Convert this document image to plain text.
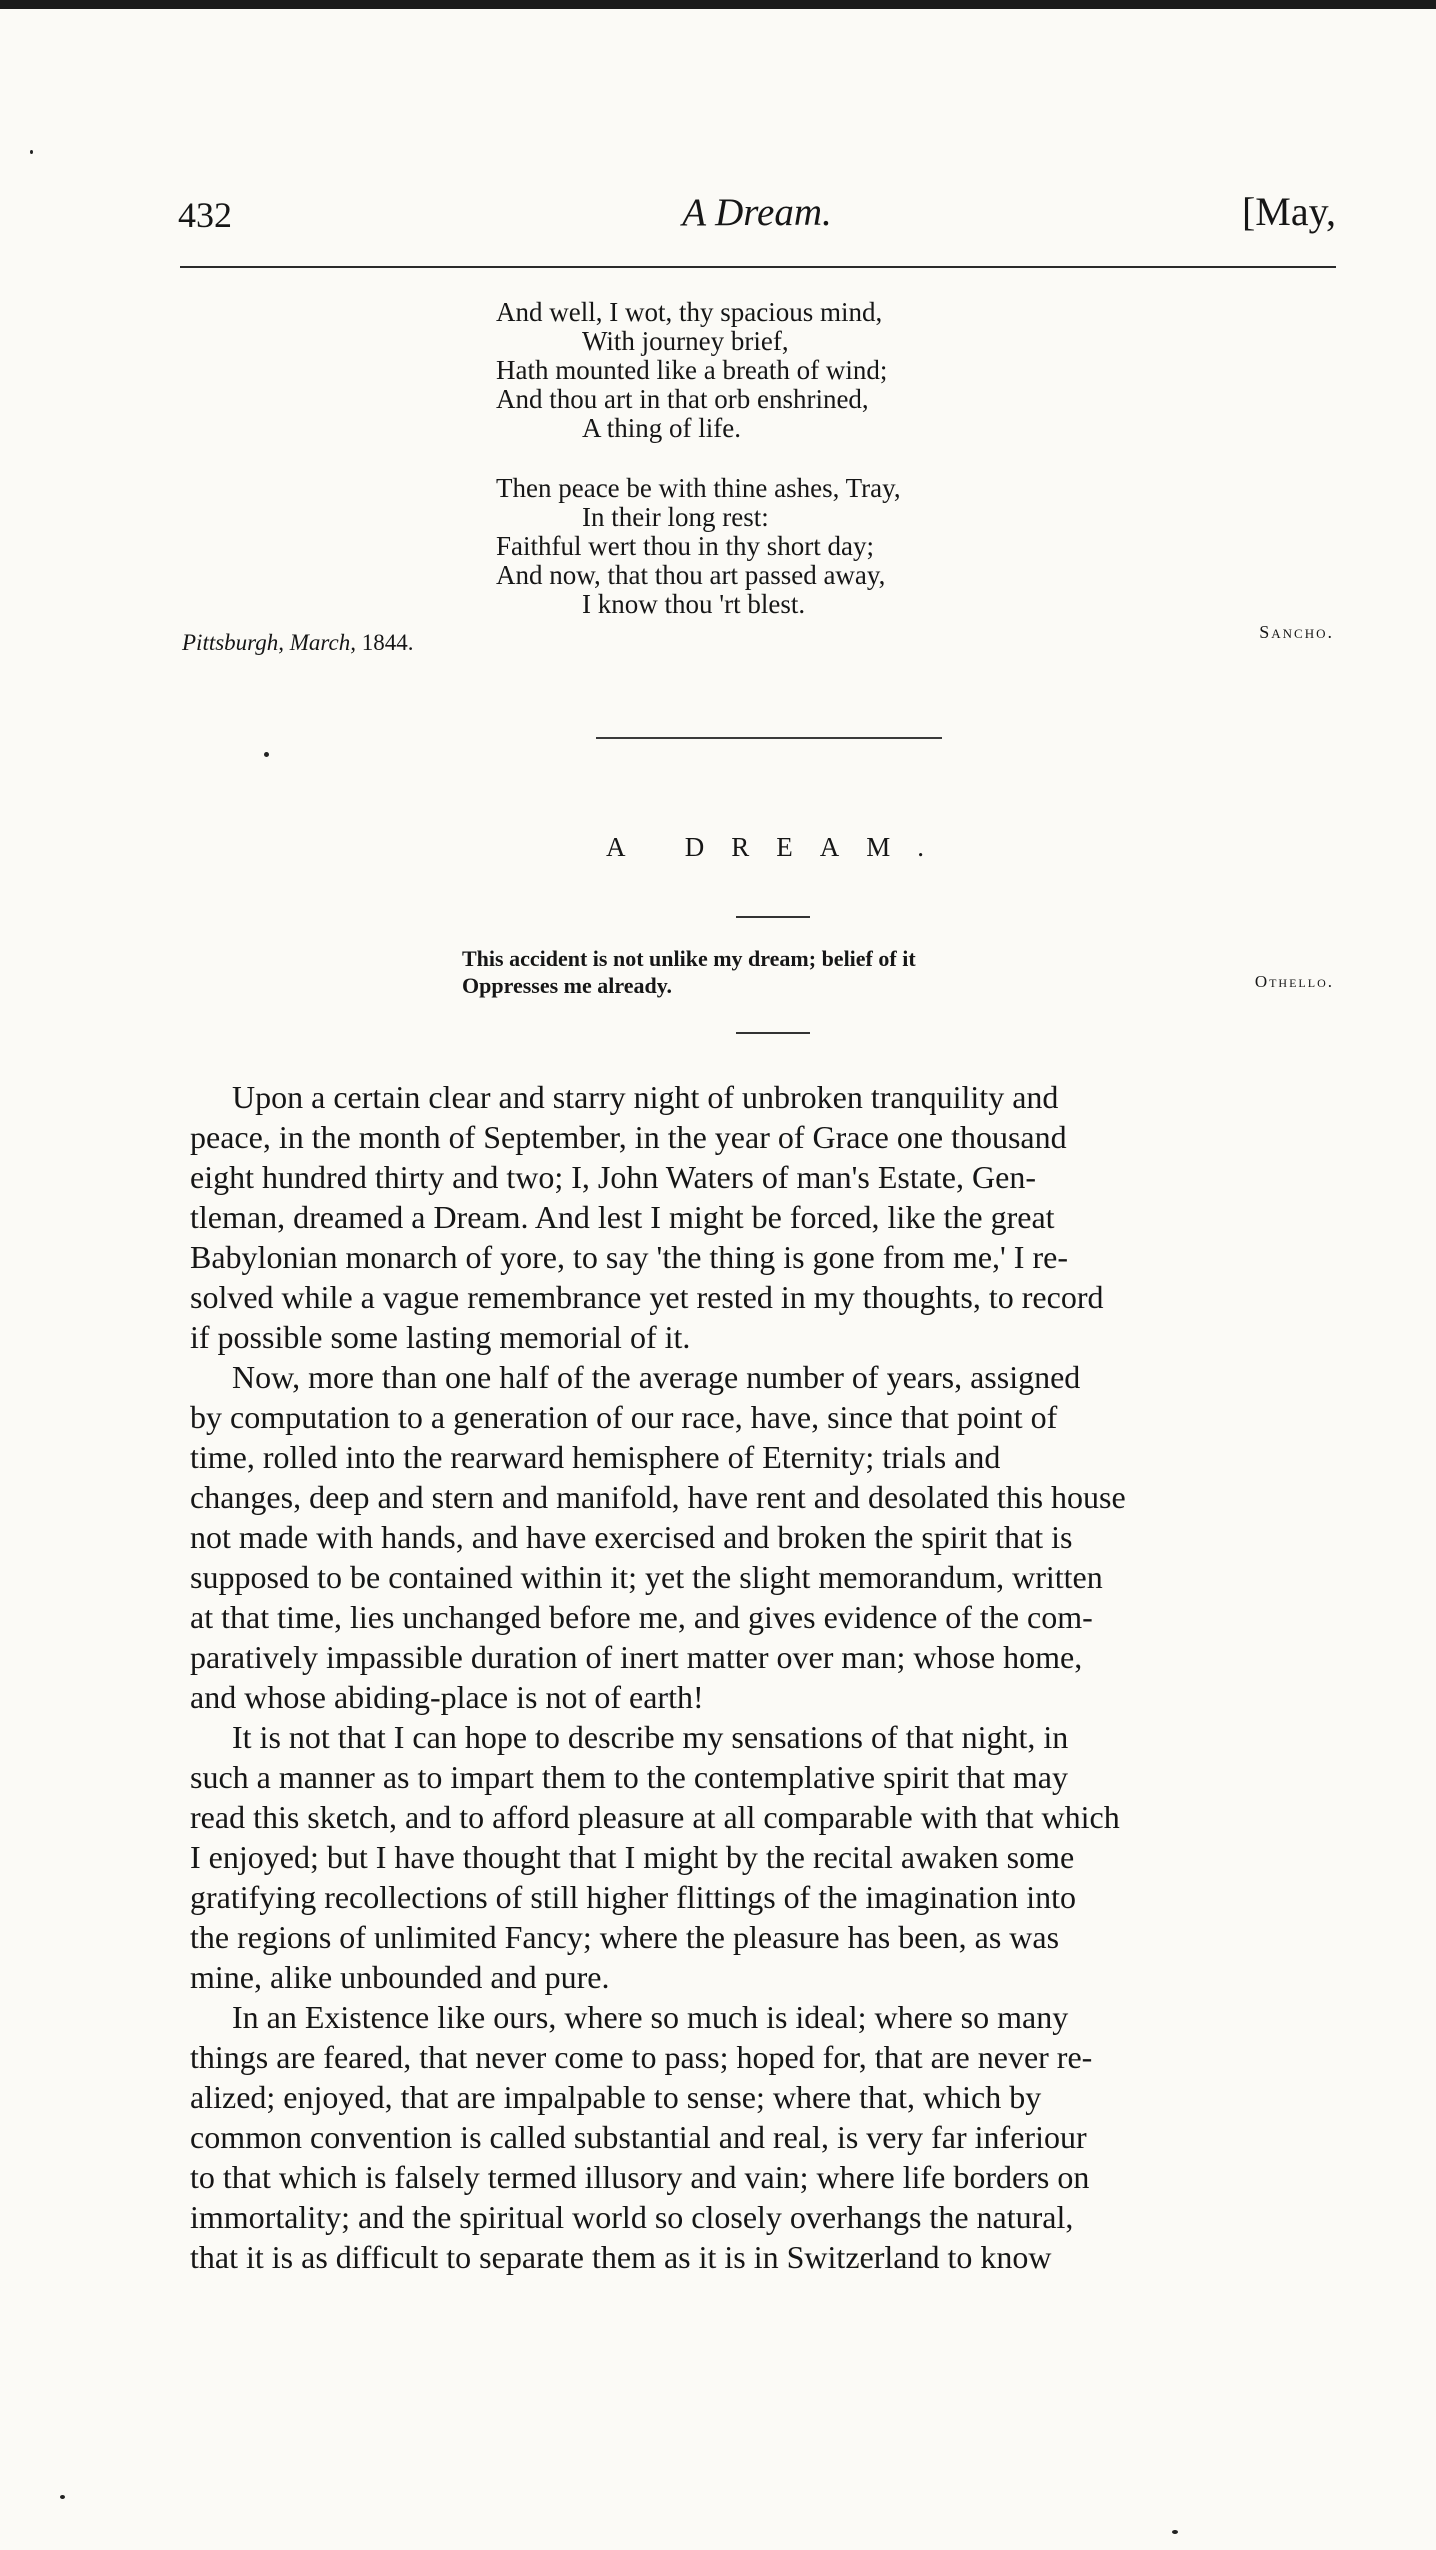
432	A Dream.	[May,
And well, I wot, thy spacious mind,
With journey brief,
Hath mounted like a breath of wind;
And thou art in that orb enshrined,
A thing of life.
Then peace be with thine ashes, Tray,
In their long rest:
Faithful wert thou in thy short day;
And now, that thou art passed away,
I know thou 'rt blest.
Pittsburgh, March, 1844.	Sancho.
A DREAM.
This accident is not unlike my dream; belief of it
Oppresses me already.	Othello.
Upon a certain clear and starry night of unbroken tranquility and
peace, in the month of September, in the year of Grace one thousand
eight hundred thirty and two; I, John Waters of man's Estate, Gen-
tleman, dreamed a Dream. And lest I might be forced, like the great
Babylonian monarch of yore, to say 'the thing is gone from me,' I re-
solved while a vague remembrance yet rested in my thoughts, to record
if possible some lasting memorial of it.
Now, more than one half of the average number of years, assigned
by computation to a generation of our race, have, since that point of
time, rolled into the rearward hemisphere of Eternity; trials and
changes, deep and stern and manifold, have rent and desolated this house
not made with hands, and have exercised and broken the spirit that is
supposed to be contained within it; yet the slight memorandum, written
at that time, lies unchanged before me, and gives evidence of the com-
paratively impassible duration of inert matter over man; whose home,
and whose abiding-place is not of earth!
It is not that I can hope to describe my sensations of that night, in
such a manner as to impart them to the contemplative spirit that may
read this sketch, and to afford pleasure at all comparable with that which
I enjoyed; but I have thought that I might by the recital awaken some
gratifying recollections of still higher flittings of the imagination into
the regions of unlimited Fancy; where the pleasure has been, as was
mine, alike unbounded and pure.
In an Existence like ours, where so much is ideal; where so many
things are feared, that never come to pass; hoped for, that are never re-
alized; enjoyed, that are impalpable to sense; where that, which by
common convention is called substantial and real, is very far inferiour
to that which is falsely termed illusory and vain; where life borders on
immortality; and the spiritual world so closely overhangs the natural,
that it is as difficult to separate them as it is in Switzerland to know
